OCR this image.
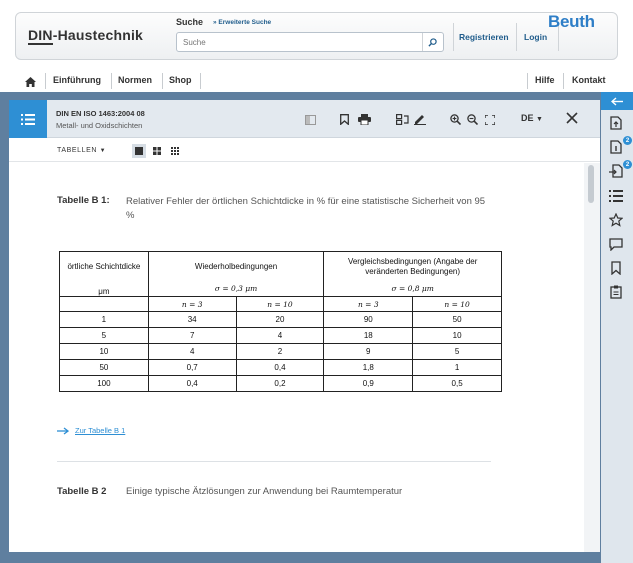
DIN-Haustechnik
Suche » Erweiterte Suche
Suche
Registrieren Login
Beuth
Einführung Normen Shop	Hilfe Kontakt
DIN EN ISO 1463:2004 08
Metall- und Oxidschichten
DE ▼
TABELLEN ▼
Tabelle B 1: Relativer Fehler der örtlichen Schichtdicke in % für eine statistische Sicherheit von 95 %
örtliche Schichtdicke
μm	Wiederholbedingungen		Vergleichsbedingungen (Angabe der veränderten Bedingungen)	
	σ = 0,3 μm		σ = 0,8 μm	
	n = 3	n = 10	n = 3	n = 10
1	34	20	90	50
5	7	4	18	10
10	4	2	9	5
50	0,7	0,4	1,8	1
100	0,4	0,2	0,9	0,5
Zur Tabelle B 1
Tabelle B 2 Einige typische Ätzlösungen zur Anwendung bei Raumtemperatur
2
2
